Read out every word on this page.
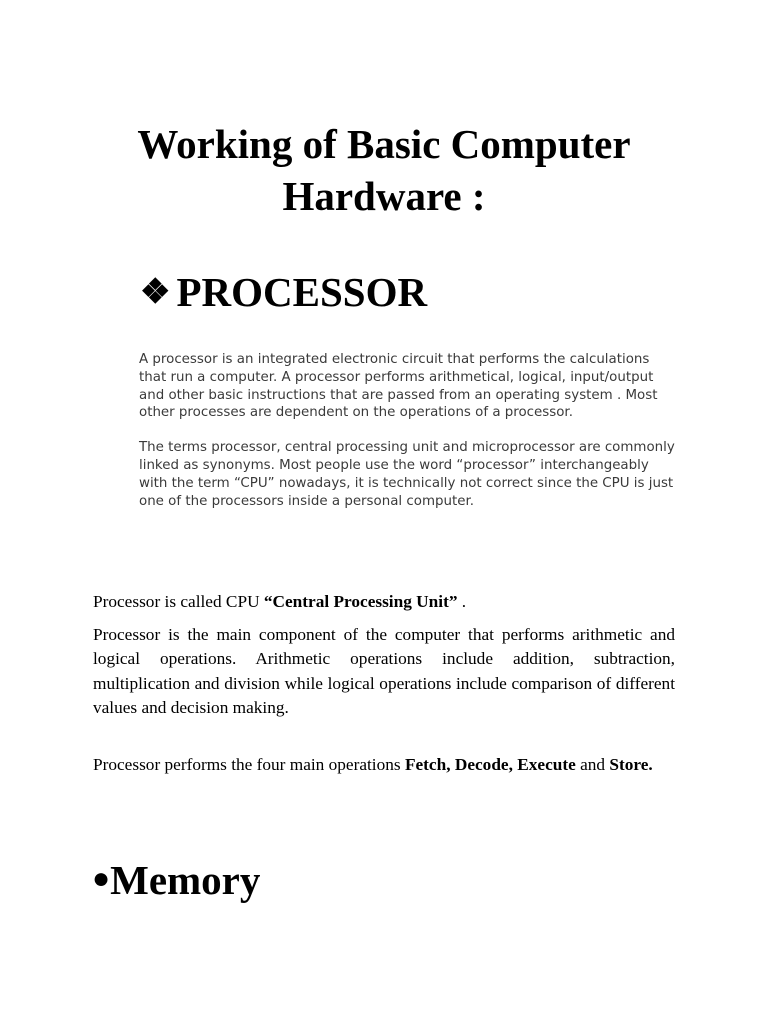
Working of Basic Computer Hardware :
❖ PROCESSOR

A processor is an integrated electronic circuit that performs the calculations that run a computer. A processor performs arithmetical, logical, input/output and other basic instructions that are passed from an operating system . Most other processes are dependent on the operations of a processor.

The terms processor, central processing unit and microprocessor are commonly linked as synonyms. Most people use the word “processor” interchangeably with the term “CPU” nowadays, it is technically not correct since the CPU is just one of the processors inside a personal computer.

Processor is called CPU “Central Processing Unit” .

Processor is the main component of the computer that performs arithmetic and logical operations. Arithmetic operations include addition, subtraction, multiplication and division while logical operations include comparison of different values and decision making.

Processor performs the four main operations Fetch, Decode, Execute and Store.

●Memory
